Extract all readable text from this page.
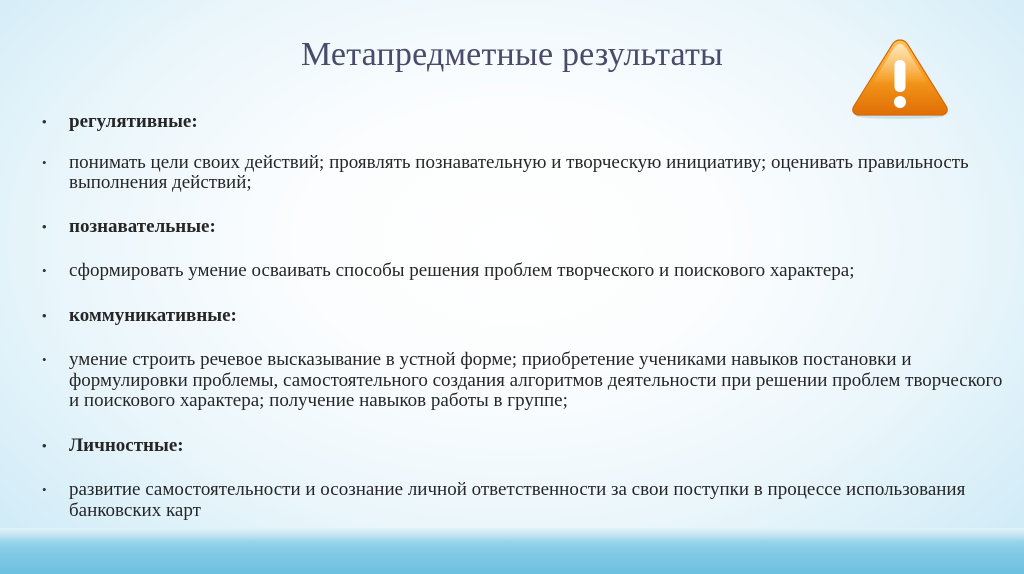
Метапредметные результаты
• регулятивные:
• понимать цели своих действий; проявлять познавательную и творческую инициативу; оценивать правильность выполнения действий;
• познавательные:
• сформировать умение осваивать способы решения проблем творческого и поискового характера;
• коммуникативные:
• умение строить речевое высказывание в устной форме; приобретение учениками навыков постановки и формулировки проблемы, самостоятельного создания алгоритмов деятельности при решении проблем творческого и поискового характера; получение навыков работы в группе;
• Личностные:
• развитие самостоятельности и осознание личной ответственности за свои поступки в процессе использования банковских карт
